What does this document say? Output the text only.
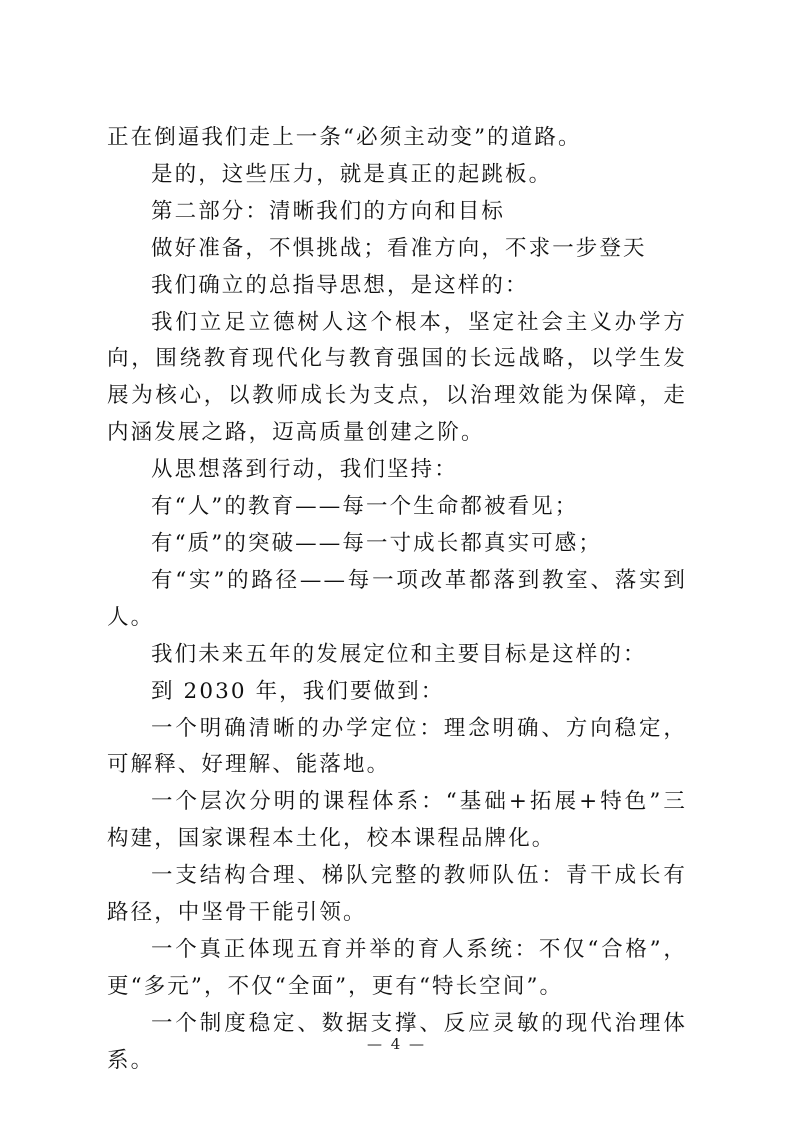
正在倒逼我们走上一条“必须主动变”的道路。

是的，这些压力，就是真正的起跳板。

第二部分：清晰我们的方向和目标

做好准备，不惧挑战；看准方向，不求一步登天

我们确立的总指导思想，是这样的：

我们立足立德树人这个根本，坚定社会主义办学方向，围绕教育现代化与教育强国的长远战略，以学生发展为核心，以教师成长为支点，以治理效能为保障，走内涵发展之路，迈高质量创建之阶。

从思想落到行动，我们坚持：

有“人”的教育——每一个生命都被看见；

有“质”的突破——每一寸成长都真实可感；

有“实”的路径——每一项改革都落到教室、落实到人。

我们未来五年的发展定位和主要目标是这样的：

到 2030 年，我们要做到：

一个明确清晰的办学定位：理念明确、方向稳定，可解释、好理解、能落地。

一个层次分明的课程体系：“基础+拓展+特色”三构建，国家课程本土化，校本课程品牌化。

一支结构合理、梯队完整的教师队伍：青干成长有路径，中坚骨干能引领。

一个真正体现五育并举的育人系统：不仅“合格”，更“多元”，不仅“全面”，更有“特长空间”。

一个制度稳定、数据支撑、反应灵敏的现代治理体系。

— 4 —
